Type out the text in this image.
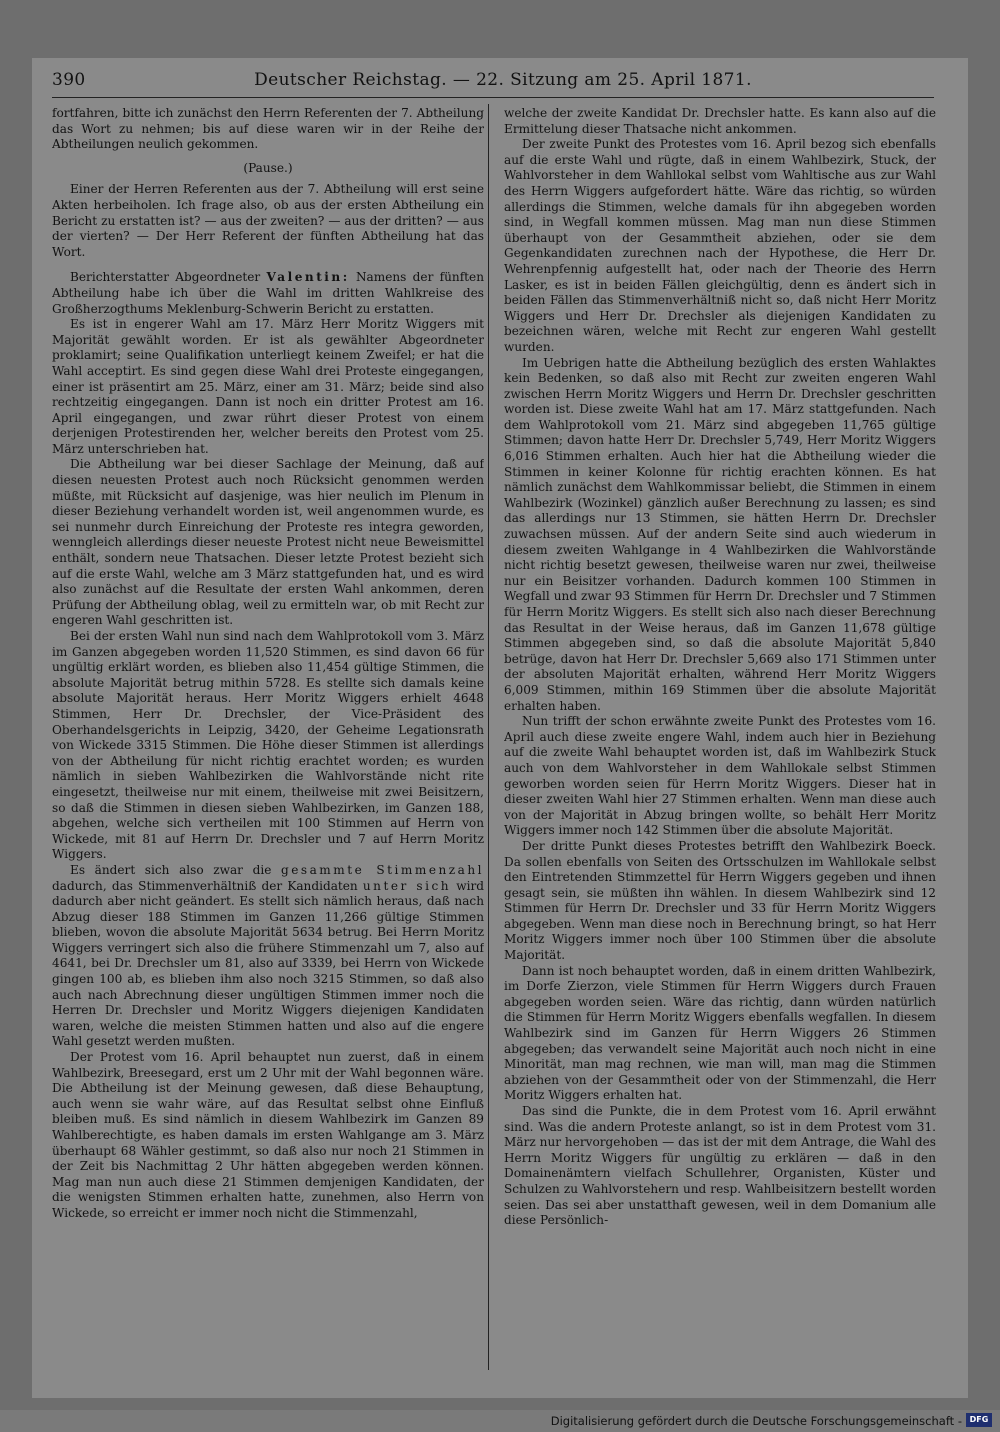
390	Deutscher Reichstag. — 22. Sitzung am 25. April 1871.

fortfahren, bitte ich zunächst den Herrn Referenten der 7. Abtheilung das Wort zu nehmen; bis auf diese waren wir in der Reihe der Abtheilungen neulich gekommen.

(Pause.)

Einer der Herren Referenten aus der 7. Abtheilung will erst seine Akten herbeiholen. Ich frage also, ob aus der ersten Abtheilung ein Bericht zu erstatten ist? — aus der zweiten? — aus der dritten? — aus der vierten? — Der Herr Referent der fünften Abtheilung hat das Wort.

Berichterstatter Abgeordneter Valentin: Namens der fünften Abtheilung habe ich über die Wahl im dritten Wahlkreise des Großherzogthums Meklenburg-Schwerin Bericht zu erstatten.

Es ist in engerer Wahl am 17. März Herr Moritz Wiggers mit Majorität gewählt worden. Er ist als gewählter Abgeordneter proklamirt; seine Qualifikation unterliegt keinem Zweifel; er hat die Wahl acceptirt. Es sind gegen diese Wahl drei Proteste eingegangen, einer ist präsentirt am 25. März, einer am 31. März; beide sind also rechtzeitig eingegangen. Dann ist noch ein dritter Protest am 16. April eingegangen, und zwar rührt dieser Protest von einem derjenigen Protestirenden her, welcher bereits den Protest vom 25. März unterschrieben hat.

Die Abtheilung war bei dieser Sachlage der Meinung, daß auf diesen neuesten Protest auch noch Rücksicht genommen werden müßte, mit Rücksicht auf dasjenige, was hier neulich im Plenum in dieser Beziehung verhandelt worden ist, weil angenommen wurde, es sei nunmehr durch Einreichung der Proteste res integra geworden, wenngleich allerdings dieser neueste Protest nicht neue Beweismittel enthält, sondern neue Thatsachen. Dieser letzte Protest bezieht sich auf die erste Wahl, welche am 3 März stattgefunden hat, und es wird also zunächst auf die Resultate der ersten Wahl ankommen, deren Prüfung der Abtheilung oblag, weil zu ermitteln war, ob mit Recht zur engeren Wahl geschritten ist.

Bei der ersten Wahl nun sind nach dem Wahlprotokoll vom 3. März im Ganzen abgegeben worden 11,520 Stimmen, es sind davon 66 für ungültig erklärt worden, es blieben also 11,454 gültige Stimmen, die absolute Majorität betrug mithin 5728. Es stellte sich damals keine absolute Majorität heraus. Herr Moritz Wiggers erhielt 4648 Stimmen, Herr Dr. Drechsler, der Vice-Präsident des Oberhandelsgerichts in Leipzig, 3420, der Geheime Legationsrath von Wickede 3315 Stimmen. Die Höhe dieser Stimmen ist allerdings von der Abtheilung für nicht richtig erachtet worden; es wurden nämlich in sieben Wahlbezirken die Wahlvorstände nicht rite eingesetzt, theilweise nur mit einem, theilweise mit zwei Beisitzern, so daß die Stimmen in diesen sieben Wahlbezirken, im Ganzen 188, abgehen, welche sich vertheilen mit 100 Stimmen auf Herrn von Wickede, mit 81 auf Herrn Dr. Drechsler und 7 auf Herrn Moritz Wiggers.

Es ändert sich also zwar die gesammte Stimmenzahl dadurch, das Stimmenverhältniß der Kandidaten unter sich wird dadurch aber nicht geändert. Es stellt sich nämlich heraus, daß nach Abzug dieser 188 Stimmen im Ganzen 11,266 gültige Stimmen blieben, wovon die absolute Majorität 5634 betrug. Bei Herrn Moritz Wiggers verringert sich also die frühere Stimmenzahl um 7, also auf 4641, bei Dr. Drechsler um 81, also auf 3339, bei Herrn von Wickede gingen 100 ab, es blieben ihm also noch 3215 Stimmen, so daß also auch nach Abrechnung dieser ungültigen Stimmen immer noch die Herren Dr. Drechsler und Moritz Wiggers diejenigen Kandidaten waren, welche die meisten Stimmen hatten und also auf die engere Wahl gesetzt werden mußten.

Der Protest vom 16. April behauptet nun zuerst, daß in einem Wahlbezirk, Breesegard, erst um 2 Uhr mit der Wahl begonnen wäre. Die Abtheilung ist der Meinung gewesen, daß diese Behauptung, auch wenn sie wahr wäre, auf das Resultat selbst ohne Einfluß bleiben muß. Es sind nämlich in diesem Wahlbezirk im Ganzen 89 Wahlberechtigte, es haben damals im ersten Wahlgange am 3. März überhaupt 68 Wähler gestimmt, so daß also nur noch 21 Stimmen in der Zeit bis Nachmittag 2 Uhr hätten abgegeben werden können. Mag man nun auch diese 21 Stimmen demjenigen Kandidaten, der die wenigsten Stimmen erhalten hatte, zunehmen, also Herrn von Wickede, so erreicht er immer noch nicht die Stimmenzahl,

welche der zweite Kandidat Dr. Drechsler hatte. Es kann also auf die Ermittelung dieser Thatsache nicht ankommen.

Der zweite Punkt des Protestes vom 16. April bezog sich ebenfalls auf die erste Wahl und rügte, daß in einem Wahlbezirk, Stuck, der Wahlvorsteher in dem Wahllokal selbst vom Wahltische aus zur Wahl des Herrn Wiggers aufgefordert hätte. Wäre das richtig, so würden allerdings die Stimmen, welche damals für ihn abgegeben worden sind, in Wegfall kommen müssen. Mag man nun diese Stimmen überhaupt von der Gesammtheit abziehen, oder sie dem Gegenkandidaten zurechnen nach der Hypothese, die Herr Dr. Wehrenpfennig aufgestellt hat, oder nach der Theorie des Herrn Lasker, es ist in beiden Fällen gleichgültig, denn es ändert sich in beiden Fällen das Stimmenverhältniß nicht so, daß nicht Herr Moritz Wiggers und Herr Dr. Drechsler als diejenigen Kandidaten zu bezeichnen wären, welche mit Recht zur engeren Wahl gestellt wurden.

Im Uebrigen hatte die Abtheilung bezüglich des ersten Wahlaktes kein Bedenken, so daß also mit Recht zur zweiten engeren Wahl zwischen Herrn Moritz Wiggers und Herrn Dr. Drechsler geschritten worden ist. Diese zweite Wahl hat am 17. März stattgefunden. Nach dem Wahlprotokoll vom 21. März sind abgegeben 11,765 gültige Stimmen; davon hatte Herr Dr. Drechsler 5,749, Herr Moritz Wiggers 6,016 Stimmen erhalten. Auch hier hat die Abtheilung wieder die Stimmen in keiner Kolonne für richtig erachten können. Es hat nämlich zunächst dem Wahlkommissar beliebt, die Stimmen in einem Wahlbezirk (Wozinkel) gänzlich außer Berechnung zu lassen; es sind das allerdings nur 13 Stimmen, sie hätten Herrn Dr. Drechsler zuwachsen müssen. Auf der andern Seite sind auch wiederum in diesem zweiten Wahlgange in 4 Wahlbezirken die Wahlvorstände nicht richtig besetzt gewesen, theilweise waren nur zwei, theilweise nur ein Beisitzer vorhanden. Dadurch kommen 100 Stimmen in Wegfall und zwar 93 Stimmen für Herrn Dr. Drechsler und 7 Stimmen für Herrn Moritz Wiggers. Es stellt sich also nach dieser Berechnung das Resultat in der Weise heraus, daß im Ganzen 11,678 gültige Stimmen abgegeben sind, so daß die absolute Majorität 5,840 betrüge, davon hat Herr Dr. Drechsler 5,669 also 171 Stimmen unter der absoluten Majorität erhalten, während Herr Moritz Wiggers 6,009 Stimmen, mithin 169 Stimmen über die absolute Majorität erhalten haben.

Nun trifft der schon erwähnte zweite Punkt des Protestes vom 16. April auch diese zweite engere Wahl, indem auch hier in Beziehung auf die zweite Wahl behauptet worden ist, daß im Wahlbezirk Stuck auch von dem Wahlvorsteher in dem Wahllokale selbst Stimmen geworben worden seien für Herrn Moritz Wiggers. Dieser hat in dieser zweiten Wahl hier 27 Stimmen erhalten. Wenn man diese auch von der Majorität in Abzug bringen wollte, so behält Herr Moritz Wiggers immer noch 142 Stimmen über die absolute Majorität.

Der dritte Punkt dieses Protestes betrifft den Wahlbezirk Boeck. Da sollen ebenfalls von Seiten des Ortsschulzen im Wahllokale selbst den Eintretenden Stimmzettel für Herrn Wiggers gegeben und ihnen gesagt sein, sie müßten ihn wählen. In diesem Wahlbezirk sind 12 Stimmen für Herrn Dr. Drechsler und 33 für Herrn Moritz Wiggers abgegeben. Wenn man diese noch in Berechnung bringt, so hat Herr Moritz Wiggers immer noch über 100 Stimmen über die absolute Majorität.

Dann ist noch behauptet worden, daß in einem dritten Wahlbezirk, im Dorfe Zierzon, viele Stimmen für Herrn Wiggers durch Frauen abgegeben worden seien. Wäre das richtig, dann würden natürlich die Stimmen für Herrn Moritz Wiggers ebenfalls wegfallen. In diesem Wahlbezirk sind im Ganzen für Herrn Wiggers 26 Stimmen abgegeben; das verwandelt seine Majorität auch noch nicht in eine Minorität, man mag rechnen, wie man will, man mag die Stimmen abziehen von der Gesammtheit oder von der Stimmenzahl, die Herr Moritz Wiggers erhalten hat.

Das sind die Punkte, die in dem Protest vom 16. April erwähnt sind. Was die andern Proteste anlangt, so ist in dem Protest vom 31. März nur hervorgehoben — das ist der mit dem Antrage, die Wahl des Herrn Moritz Wiggers für ungültig zu erklären — daß in den Domainenämtern vielfach Schullehrer, Organisten, Küster und Schulzen zu Wahlvorstehern und resp. Wahlbeisitzern bestellt worden seien. Das sei aber unstatthaft gewesen, weil in dem Domanium alle diese Persönlich-

Digitalisierung gefördert durch die Deutsche Forschungsgemeinschaft - DFG
